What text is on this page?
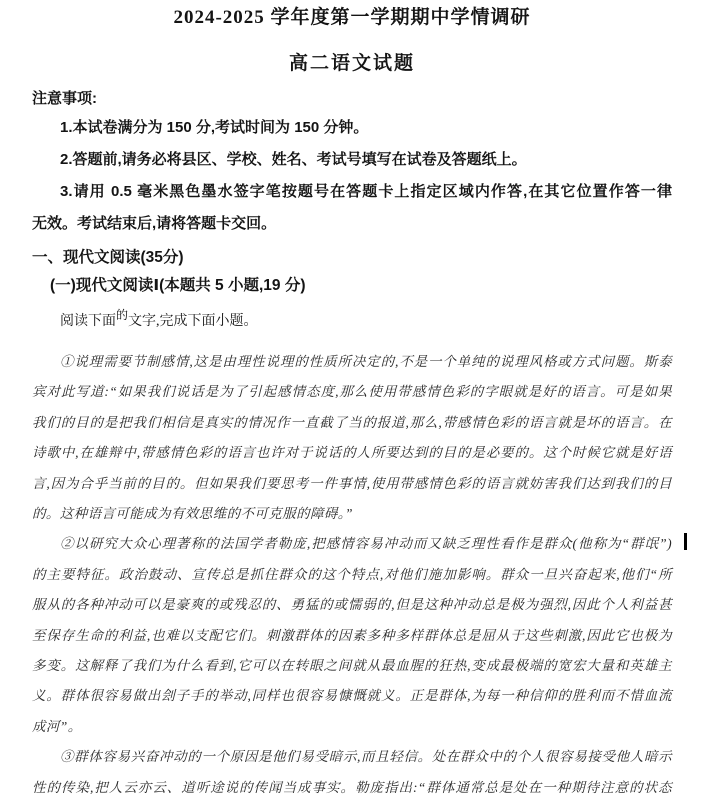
2024-2025 学年度第一学期期中学情调研
高二语文试题
注意事项:
1.本试卷满分为 150 分,考试时间为 150 分钟。
2.答题前,请务必将县区、学校、姓名、考试号填写在试卷及答题纸上。
3.请用 0.5 毫米黑色墨水签字笔按题号在答题卡上指定区域内作答,在其它位置作答一律
无效。考试结束后,请将答题卡交回。
一、现代文阅读(35分)
(一)现代文阅读Ⅰ(本题共 5 小题,19 分)
阅读下面的文字,完成下面小题。
①说理需要节制感情,这是由理性说理的性质所决定的,不是一个单纯的说理风格或方式问题。斯泰
宾对此写道:“如果我们说话是为了引起感情态度,那么使用带感情色彩的字眼就是好的语言。可是如果
我们的目的是把我们相信是真实的情况作一直截了当的报道,那么,带感情色彩的语言就是坏的语言。在
诗歌中,在雄辩中,带感情色彩的语言也许对于说话的人所要达到的目的是必要的。这个时候它就是好语
言,因为合乎当前的目的。但如果我们要思考一件事情,使用带感情色彩的语言就妨害我们达到我们的目
的。这种语言可能成为有效思维的不可克服的障碍。”
②以研究大众心理著称的法国学者勒庞,把感情容易冲动而又缺乏理性看作是群众(他称为“群氓”)
的主要特征。政治鼓动、宣传总是抓住群众的这个特点,对他们施加影响。群众一旦兴奋起来,他们“所
服从的各种冲动可以是豪爽的或残忍的、勇猛的或懦弱的,但是这种冲动总是极为强烈,因此个人利益甚
至保存生命的利益,也难以支配它们。刺激群体的因素多种多样群体总是屈从于这些刺激,因此它也极为
多变。这解释了我们为什么看到,它可以在转眼之间就从最血腥的狂热,变成最极端的宽宏大量和英雄主
义。群体很容易做出刽子手的举动,同样也很容易慷慨就义。正是群体,为每一种信仰的胜利而不惜血流
成河”。
③群体容易兴奋冲动的一个原因是他们易受暗示,而且轻信。处在群众中的个人很容易接受他人暗示
性的传染,把人云亦云、道听途说的传闻当成事实。勒庞指出:“群体通常总是处在一种期待注意的状态
